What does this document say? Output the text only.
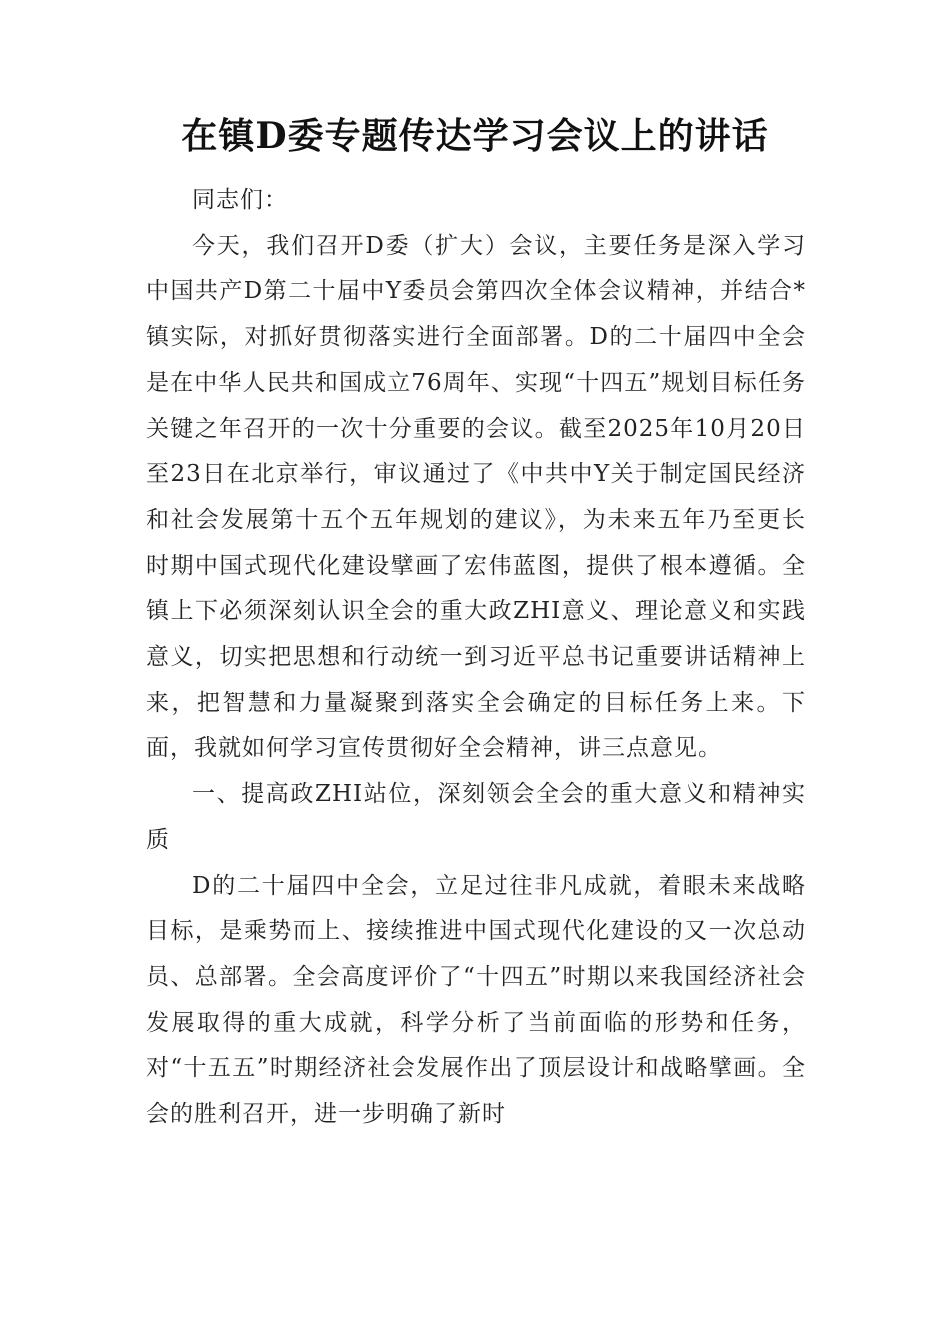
在镇D委专题传达学习会议上的讲话

同志们：

今天，我们召开D委（扩大）会议，主要任务是深入学习中国共产D第二十届中Y委员会第四次全体会议精神，并结合*镇实际，对抓好贯彻落实进行全面部署。D的二十届四中全会是在中华人民共和国成立76周年、实现“十四五”规划目标任务关键之年召开的一次十分重要的会议。截至2025年10月20日至23日在北京举行，审议通过了《中共中Y关于制定国民经济和社会发展第十五个五年规划的建议》，为未来五年乃至更长时期中国式现代化建设擘画了宏伟蓝图，提供了根本遵循。全镇上下必须深刻认识全会的重大政ZHI意义、理论意义和实践意义，切实把思想和行动统一到习近平总书记重要讲话精神上来，把智慧和力量凝聚到落实全会确定的目标任务上来。下面，我就如何学习宣传贯彻好全会精神，讲三点意见。

一、提高政ZHI站位，深刻领会全会的重大意义和精神实质

D的二十届四中全会，立足过往非凡成就，着眼未来战略目标，是乘势而上、接续推进中国式现代化建设的又一次总动员、总部署。全会高度评价了“十四五”时期以来我国经济社会发展取得的重大成就，科学分析了当前面临的形势和任务，对“十五五”时期经济社会发展作出了顶层设计和战略擘画。全会的胜利召开，进一步明确了新时
